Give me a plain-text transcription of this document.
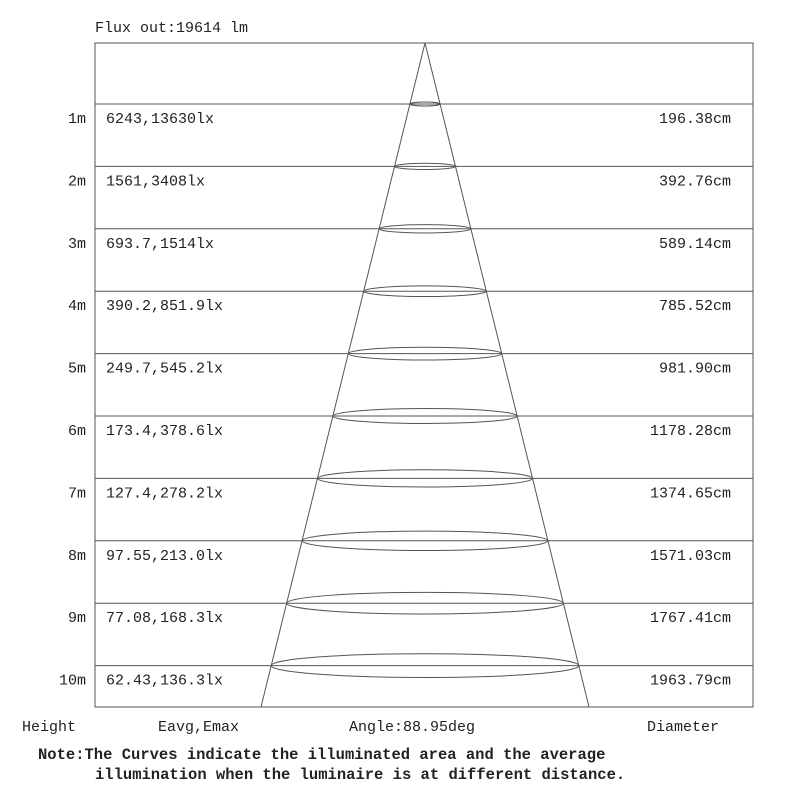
Flux out:19614 lm
1m 6243,13630lx	196.38cm
2m 1561,3408lx	392.76cm
3m 693.7,1514lx	589.14cm
4m 390.2,851.9lx	785.52cm
5m 249.7,545.2lx	981.90cm
6m 173.4,378.6lx	1178.28cm
7m 127.4,278.2lx	1374.65cm
8m 97.55,213.0lx	1571.03cm
9m 77.08,168.3lx	1767.41cm
10m 62.43,136.3lx	1963.79cm
Height	Eavg,Emax	Angle:88.95deg	Diameter
Note:The Curves indicate the illuminated area and the average
illumination when the luminaire is at different distance.
